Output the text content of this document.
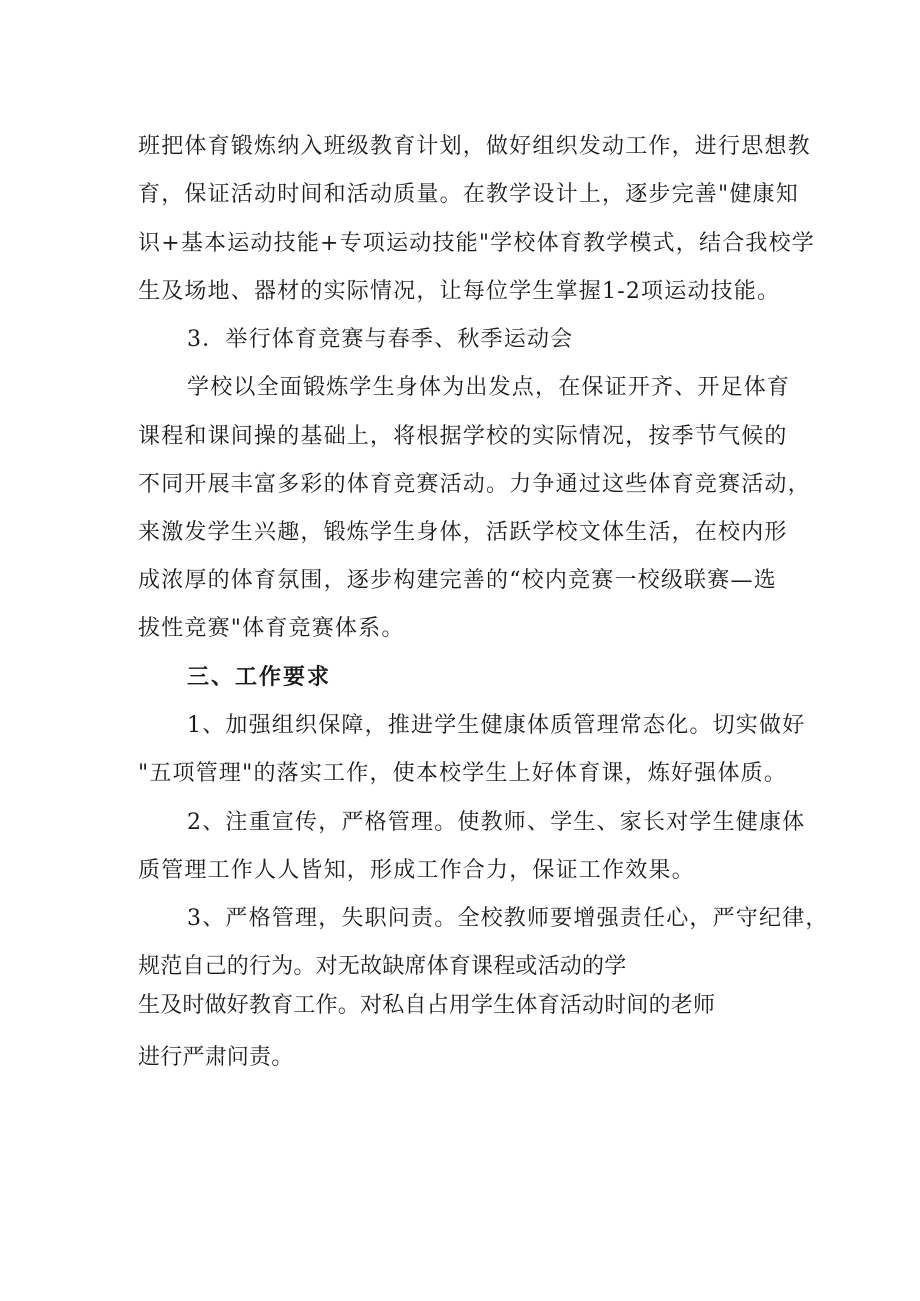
班把体育锻炼纳入班级教育计划，做好组织发动工作，进行思想教
育，保证活动时间和活动质量。在教学设计上，逐步完善"健康知
识+基本运动技能+专项运动技能"学校体育教学模式，结合我校学
生及场地、器材的实际情况，让每位学生掌握1-2项运动技能。
3．举行体育竞赛与春季、秋季运动会
学校以全面锻炼学生身体为出发点，在保证开齐、开足体育
课程和课间操的基础上，将根据学校的实际情况，按季节气候的
不同开展丰富多彩的体育竞赛活动。力争通过这些体育竞赛活动，
来激发学生兴趣，锻炼学生身体，活跃学校文体生活，在校内形
成浓厚的体育氛围，逐步构建完善的“校内竞赛一校级联赛—选
拔性竞赛"体育竞赛体系。
三、工作要求
1、加强组织保障，推进学生健康体质管理常态化。切实做好
"五项管理"的落实工作，使本校学生上好体育课，炼好强体质。
2、注重宣传，严格管理。使教师、学生、家长对学生健康体
质管理工作人人皆知，形成工作合力，保证工作效果。
3、严格管理，失职问责。全校教师要增强责任心，严守纪律，
规范自己的行为。对无故缺席体育课程或活动的学
生及时做好教育工作。对私自占用学生体育活动时间的老师
进行严肃问责。
